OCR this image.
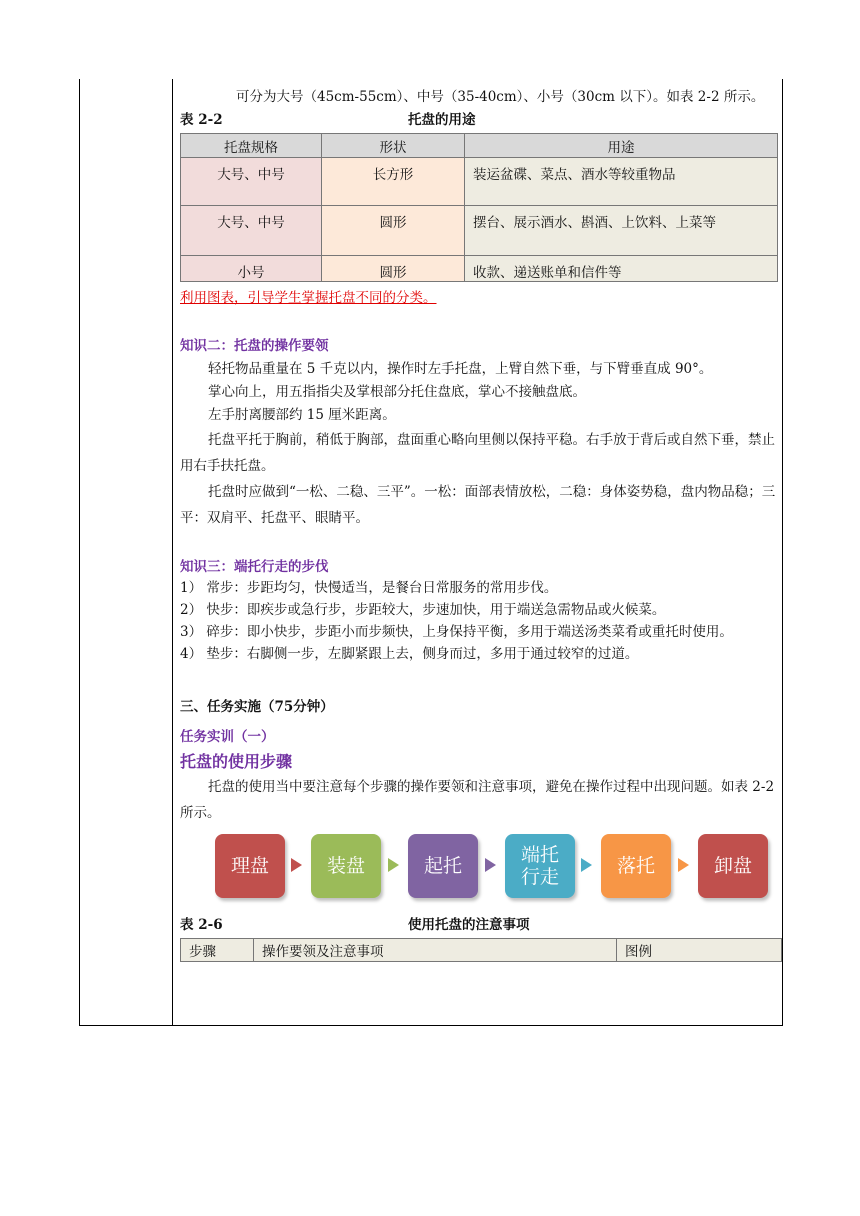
可分为大号（45cm-55cm）、中号（35-40cm）、小号（30cm 以下）。如表 2-2 所示。
表 2-2	托盘的用途
托盘规格	形状	用途
大号、中号	长方形	装运盆碟、菜点、酒水等较重物品
大号、中号	圆形	摆台、展示酒水、斟酒、上饮料、上菜等
小号	圆形	收款、递送账单和信件等
利用图表，引导学生掌握托盘不同的分类。
知识二：托盘的操作要领
轻托物品重量在 5 千克以内，操作时左手托盘，上臂自然下垂，与下臂垂直成 90°。
掌心向上，用五指指尖及掌根部分托住盘底，掌心不接触盘底。
左手肘离腰部约 15 厘米距离。
托盘平托于胸前，稍低于胸部，盘面重心略向里侧以保持平稳。右手放于背后或自然下垂，禁止用右手扶托盘。
托盘时应做到“一松、二稳、三平”。一松：面部表情放松，二稳：身体姿势稳，盘内物品稳；三平：双肩平、托盘平、眼睛平。
知识三：端托行走的步伐
1） 常步：步距均匀，快慢适当，是餐台日常服务的常用步伐。
2） 快步：即疾步或急行步，步距较大，步速加快，用于端送急需物品或火候菜。
3） 碎步：即小快步，步距小而步频快，上身保持平衡，多用于端送汤类菜肴或重托时使用。
4） 垫步：右脚侧一步，左脚紧跟上去，侧身而过，多用于通过较窄的过道。
三、任务实施（75分钟）
任务实训（一）
托盘的使用步骤
托盘的使用当中要注意每个步骤的操作要领和注意事项，避免在操作过程中出现问题。如表 2-2 所示。
理盘	装盘	起托	端托
行走	落托	卸盘
表 2-6	使用托盘的注意事项
步骤	操作要领及注意事项	图例
